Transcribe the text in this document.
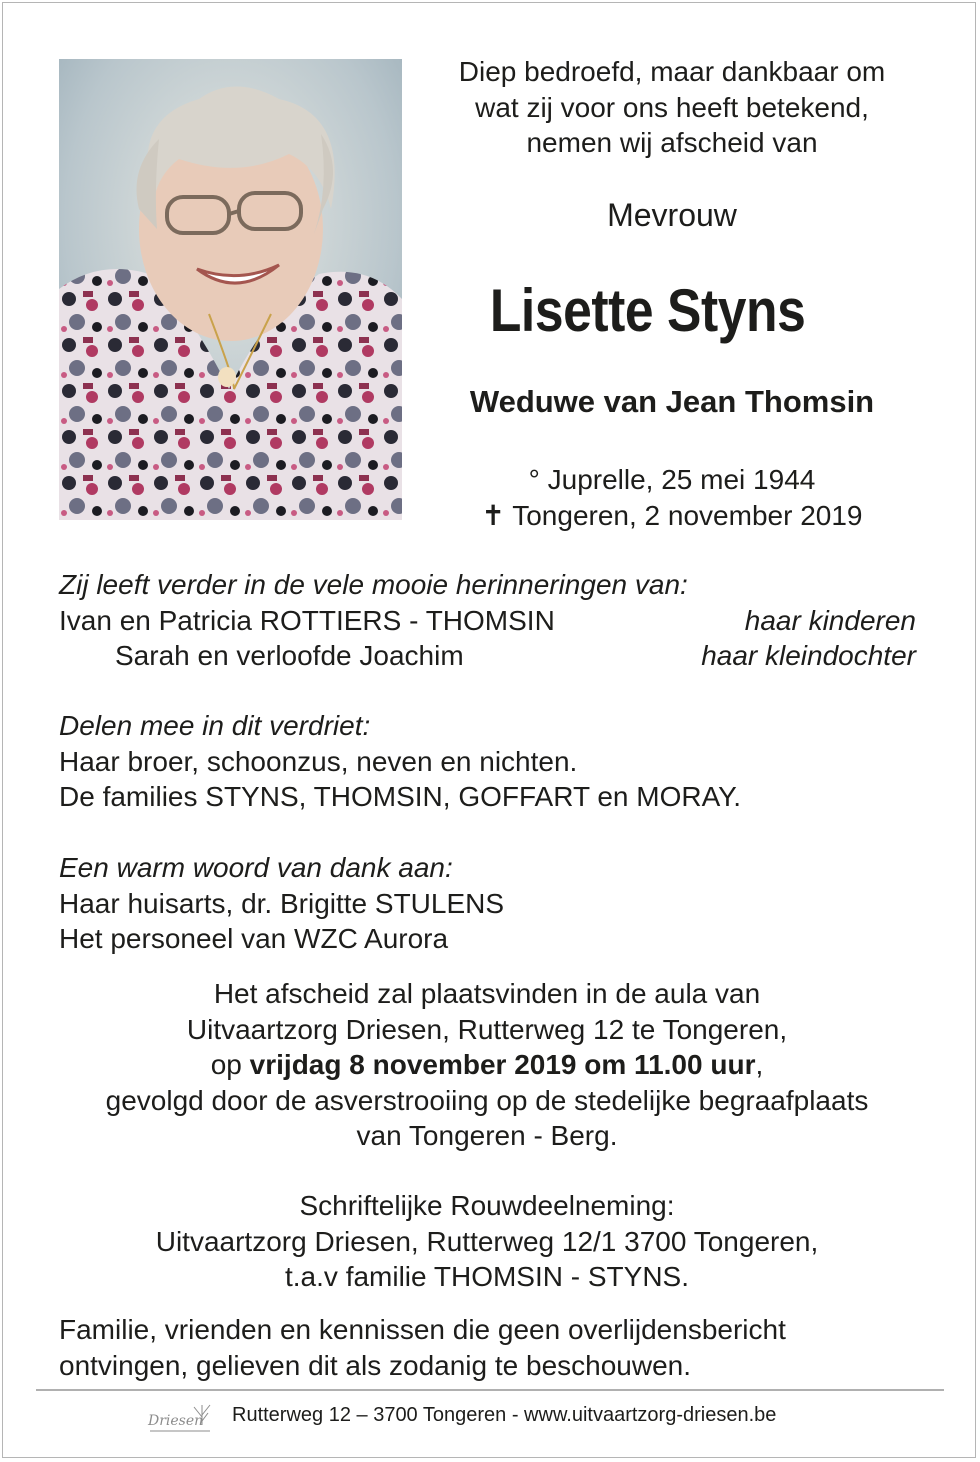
Diep bedroefd, maar dankbaar om
wat zij voor ons heeft betekend,
nemen wij afscheid van
Mevrouw
Lisette Styns
Weduwe van Jean Thomsin
° Juprelle, 25 mei 1944
✝ Tongeren, 2 november 2019
Zij leeft verder in de vele mooie herinneringen van:
Ivan en Patricia ROTTIERS - THOMSIN	haar kinderen
Sarah en verloofde Joachim	haar kleindochter
Delen mee in dit verdriet:
Haar broer, schoonzus, neven en nichten.
De families STYNS, THOMSIN, GOFFART en MORAY.
Een warm woord van dank aan:
Haar huisarts, dr. Brigitte STULENS
Het personeel van WZC Aurora
Het afscheid zal plaatsvinden in de aula van
Uitvaartzorg Driesen, Rutterweg 12 te Tongeren,
op vrijdag 8 november 2019 om 11.00 uur,
gevolgd door de asverstrooiing op de stedelijke begraafplaats
van Tongeren - Berg.
Schriftelijke Rouwdeelneming:
Uitvaartzorg Driesen, Rutterweg 12/1 3700 Tongeren,
t.a.v familie THOMSIN - STYNS.
Familie, vrienden en kennissen die geen overlijdensbericht
ontvingen, gelieven dit als zodanig te beschouwen.
Driesen Rutterweg 12 – 3700 Tongeren - www.uitvaartzorg-driesen.be
